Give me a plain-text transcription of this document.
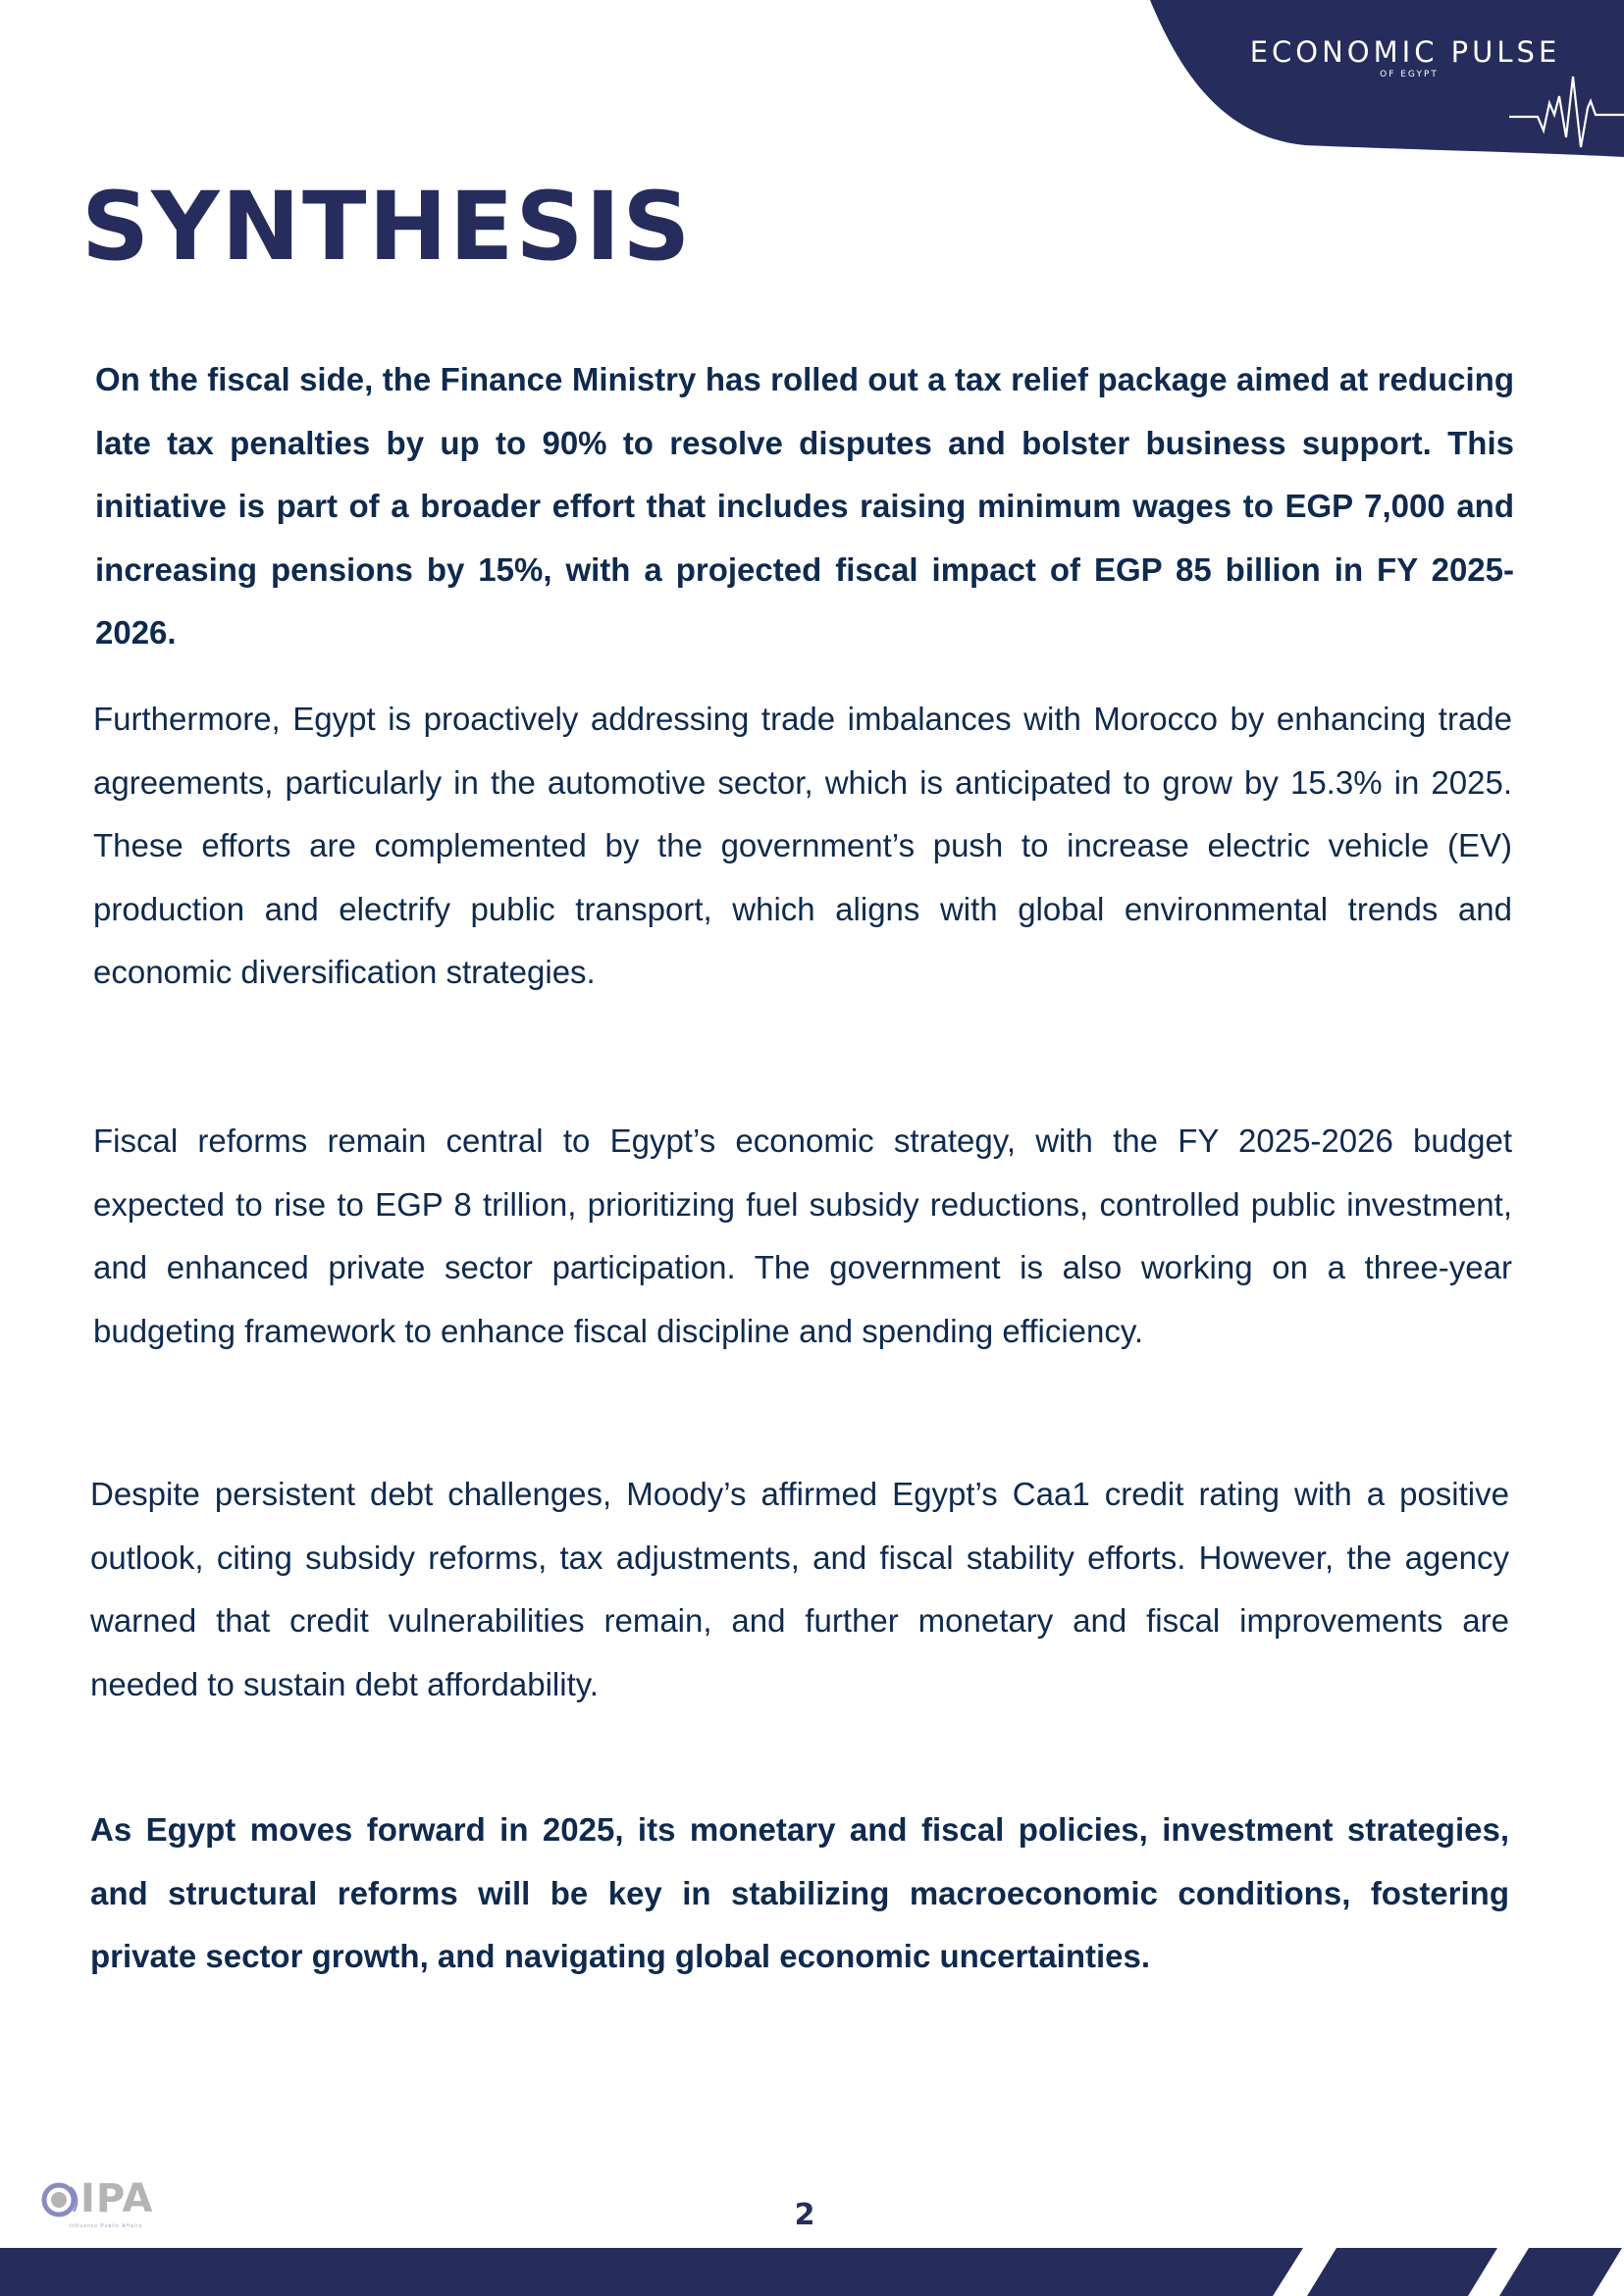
ECONOMIC PULSE
OF EGYPT
SYNTHESIS

On the fiscal side, the Finance Ministry has rolled out a tax relief package aimed at reducing late tax penalties by up to 90% to resolve disputes and bolster business support. This initiative is part of a broader effort that includes raising minimum wages to EGP 7,000 and increasing pensions by 15%, with a projected fiscal impact of EGP 85 billion in FY 2025-2026.

Furthermore, Egypt is proactively addressing trade imbalances with Morocco by enhancing trade agreements, particularly in the automotive sector, which is anticipated to grow by 15.3% in 2025. These efforts are complemented by the government’s push to increase electric vehicle (EV) production and electrify public transport, which aligns with global environmental trends and economic diversification strategies.

Fiscal reforms remain central to Egypt’s economic strategy, with the FY 2025-2026 budget expected to rise to EGP 8 trillion, prioritizing fuel subsidy reductions, controlled public investment, and enhanced private sector participation. The government is also working on a three-year budgeting framework to enhance fiscal discipline and spending efficiency.

Despite persistent debt challenges, Moody’s affirmed Egypt’s Caa1 credit rating with a positive outlook, citing subsidy reforms, tax adjustments, and fiscal stability efforts. However, the agency warned that credit vulnerabilities remain, and further monetary and fiscal improvements are needed to sustain debt affordability.

As Egypt moves forward in 2025, its monetary and fiscal policies, investment strategies, and structural reforms will be key in stabilizing macroeconomic conditions, fostering private sector growth, and navigating global economic uncertainties.

IPA
Influence Public Affairs	2
